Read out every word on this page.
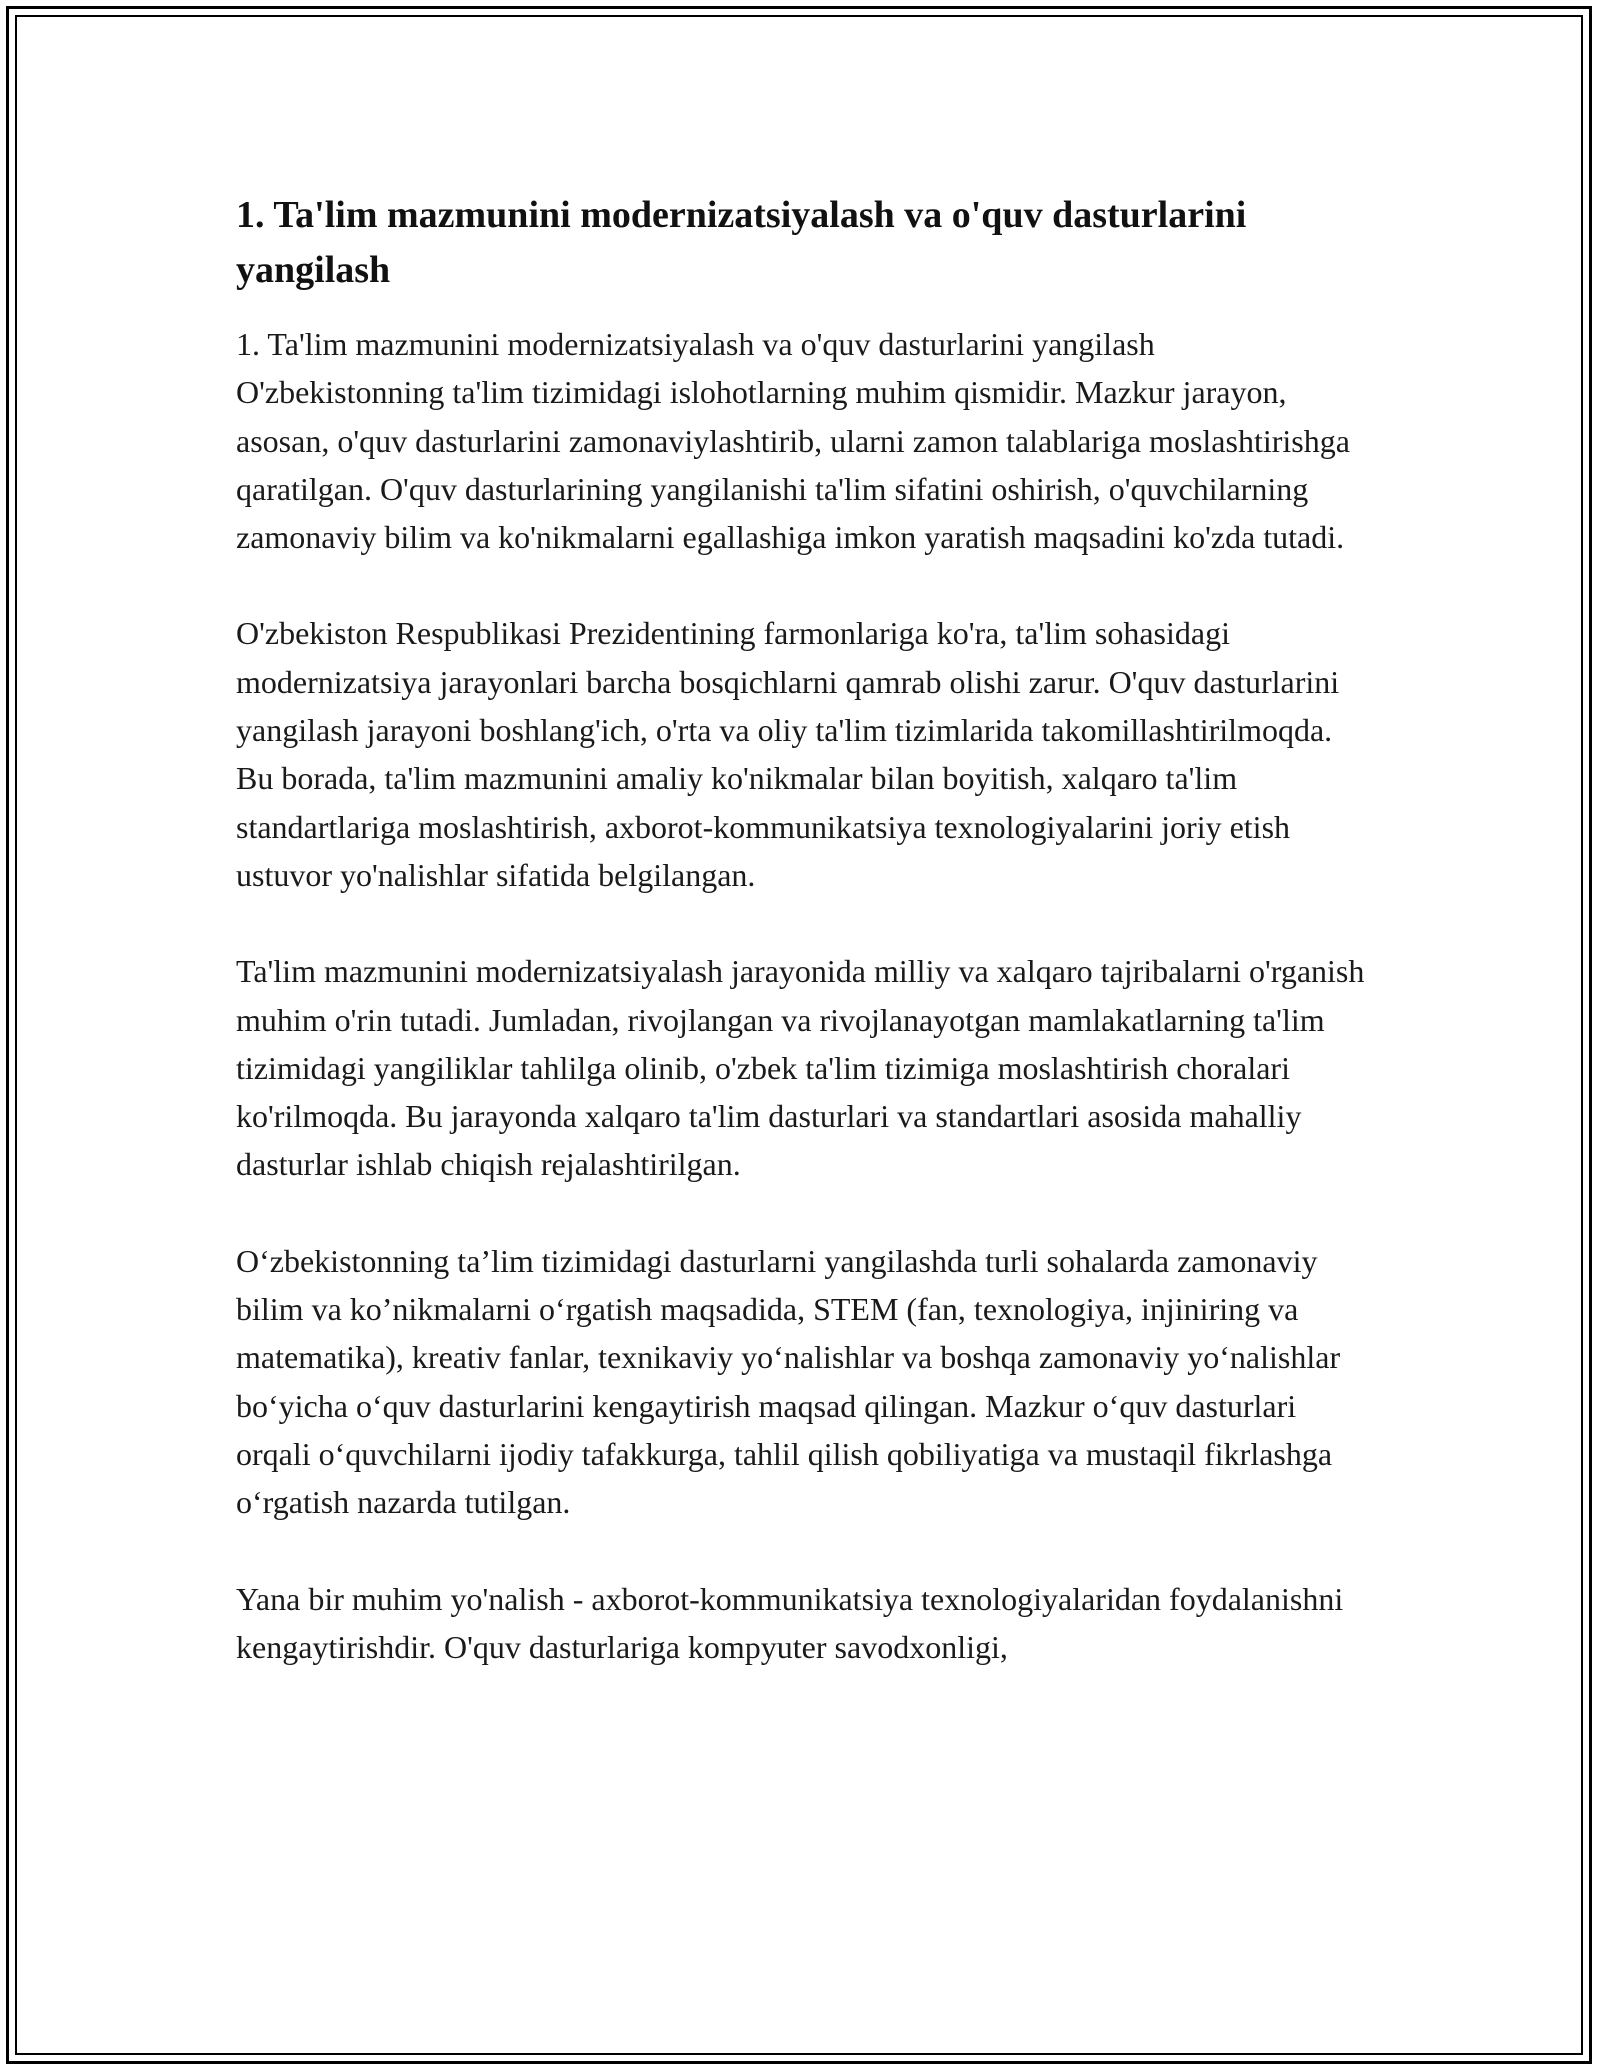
1. Ta'lim mazmunini modernizatsiyalash va o'quv dasturlarini yangilash

1. Ta'lim mazmunini modernizatsiyalash va o'quv dasturlarini yangilash O'zbekistonning ta'lim tizimidagi islohotlarning muhim qismidir. Mazkur jarayon, asosan, o'quv dasturlarini zamonaviylashtirib, ularni zamon talablariga moslashtirishga qaratilgan. O'quv dasturlarining yangilanishi ta'lim sifatini oshirish, o'quvchilarning zamonaviy bilim va ko'nikmalarni egallashiga imkon yaratish maqsadini ko'zda tutadi.

O'zbekiston Respublikasi Prezidentining farmonlariga ko'ra, ta'lim sohasidagi modernizatsiya jarayonlari barcha bosqichlarni qamrab olishi zarur. O'quv dasturlarini yangilash jarayoni boshlang'ich, o'rta va oliy ta'lim tizimlarida takomillashtirilmoqda. Bu borada, ta'lim mazmunini amaliy ko'nikmalar bilan boyitish, xalqaro ta'lim standartlariga moslashtirish, axborot-kommunikatsiya texnologiyalarini joriy etish ustuvor yo'nalishlar sifatida belgilangan.

Ta'lim mazmunini modernizatsiyalash jarayonida milliy va xalqaro tajribalarni o'rganish muhim o'rin tutadi. Jumladan, rivojlangan va rivojlanayotgan mamlakatlarning ta'lim tizimidagi yangiliklar tahlilga olinib, o'zbek ta'lim tizimiga moslashtirish choralari ko'rilmoqda. Bu jarayonda xalqaro ta'lim dasturlari va standartlari asosida mahalliy dasturlar ishlab chiqish rejalashtirilgan.

O‘zbekistonning ta’lim tizimidagi dasturlarni yangilashda turli sohalarda zamonaviy bilim va ko’nikmalarni o‘rgatish maqsadida, STEM (fan, texnologiya, injiniring va matematika), kreativ fanlar, texnikaviy yo‘nalishlar va boshqa zamonaviy yo‘nalishlar bo‘yicha o‘quv dasturlarini kengaytirish maqsad qilingan. Mazkur o‘quv dasturlari orqali o‘quvchilarni ijodiy tafakkurga, tahlil qilish qobiliyatiga va mustaqil fikrlashga o‘rgatish nazarda tutilgan.

Yana bir muhim yo'nalish - axborot-kommunikatsiya texnologiyalaridan foydalanishni kengaytirishdir. O'quv dasturlariga kompyuter savodxonligi,
